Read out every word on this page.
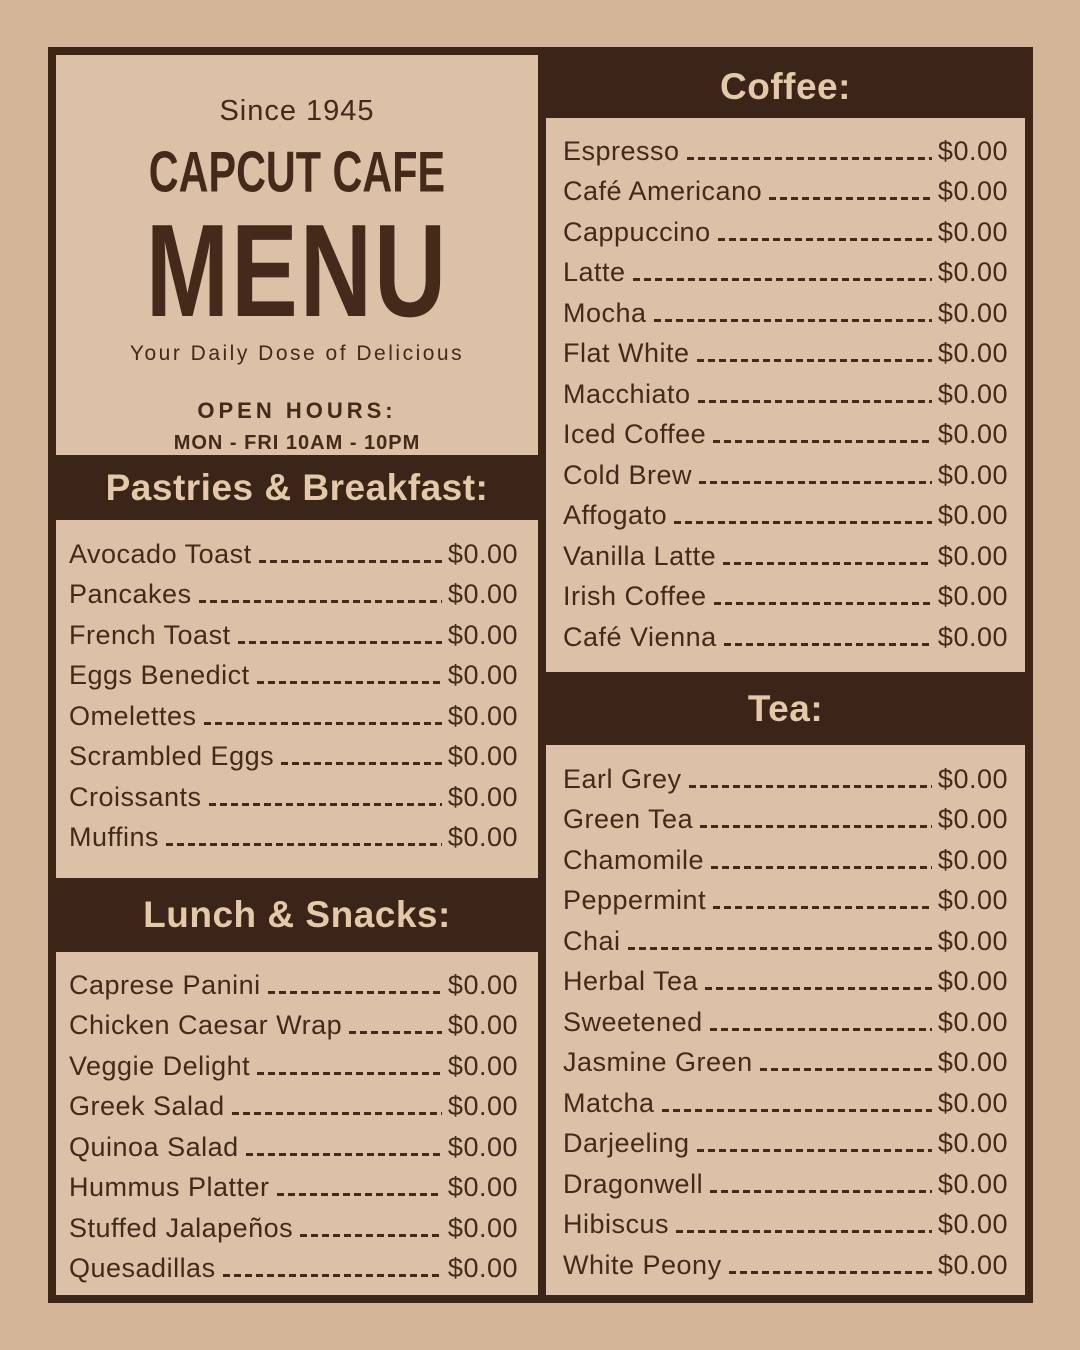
Since 1945
CAPCUT CAFE
MENU
Your Daily Dose of Delicious
OPEN HOURS:
MON - FRI 10AM - 10PM
Pastries & Breakfast:
Avocado Toast	$0.00
Pancakes	$0.00
French Toast	$0.00
Eggs Benedict	$0.00
Omelettes	$0.00
Scrambled Eggs	$0.00
Croissants	$0.00
Muffins	$0.00
Lunch & Snacks:
Caprese Panini	$0.00
Chicken Caesar Wrap	$0.00
Veggie Delight	$0.00
Greek Salad	$0.00
Quinoa Salad	$0.00
Hummus Platter	$0.00
Stuffed Jalapeños	$0.00
Quesadillas	$0.00
Coffee:
Espresso	$0.00
Café Americano	$0.00
Cappuccino	$0.00
Latte	$0.00
Mocha	$0.00
Flat White	$0.00
Macchiato	$0.00
Iced Coffee	$0.00
Cold Brew	$0.00
Affogato	$0.00
Vanilla Latte	$0.00
Irish Coffee	$0.00
Café Vienna	$0.00
Tea:
Earl Grey	$0.00
Green Tea	$0.00
Chamomile	$0.00
Peppermint	$0.00
Chai	$0.00
Herbal Tea	$0.00
Sweetened	$0.00
Jasmine Green	$0.00
Matcha	$0.00
Darjeeling	$0.00
Dragonwell	$0.00
Hibiscus	$0.00
White Peony	$0.00
